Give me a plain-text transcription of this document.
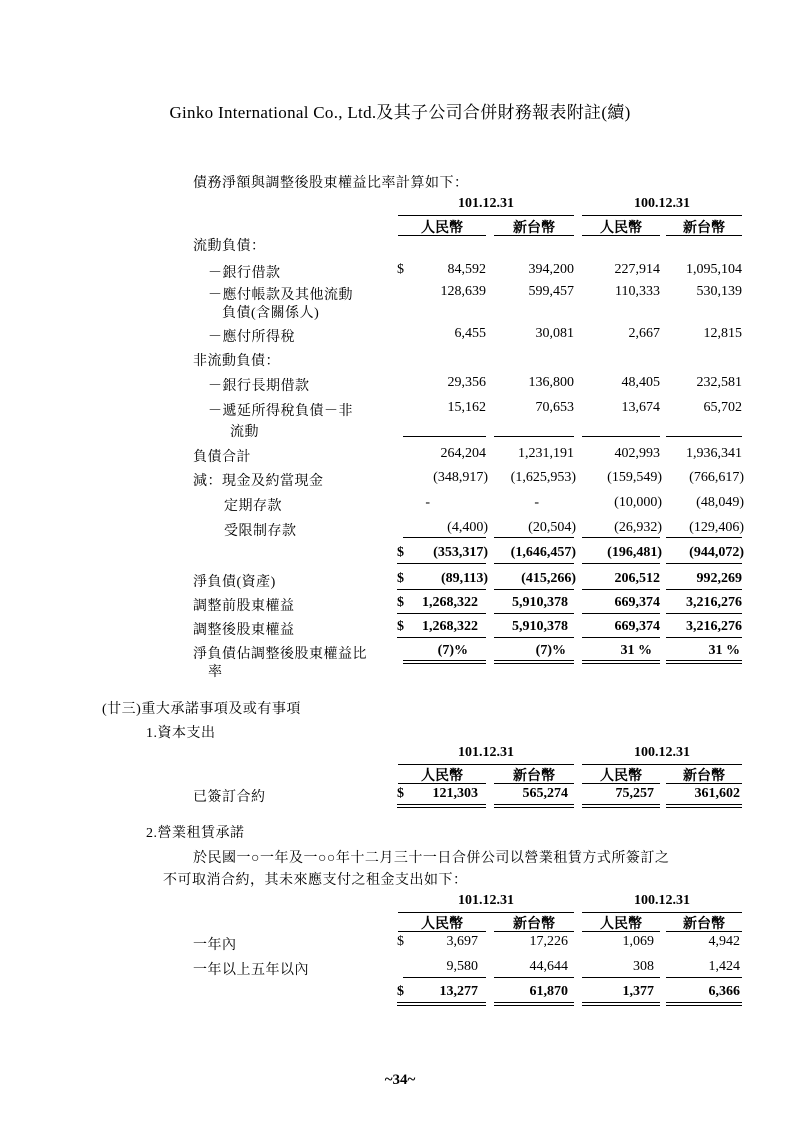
Ginko International Co., Ltd.及其子公司合併財務報表附註(續)
債務淨額與調整後股東權益比率計算如下：
101.12.31	100.12.31
人民幣	新台幣	人民幣	新台幣
流動負債：
－銀行借款	$	84,592	394,200	227,914	1,095,104
－應付帳款及其他流動
負債(含關係人)
128,639	599,457	110,333	530,139
－應付所得稅	6,455	30,081	2,667	12,815
非流動負債：
－銀行長期借款	29,356	136,800	48,405	232,581
－遞延所得稅負債－非
流動
15,162	70,653	13,674	65,702
負債合計	264,204	1,231,191	402,993	1,936,341
減：現金及約當現金	(348,917)	(1,625,953)	(159,549)	(766,617)
定期存款	-	-	(10,000)	(48,049)
受限制存款	(4,400)	(20,504)	(26,932)	(129,406)
$	(353,317)	(1,646,457)	(196,481)	(944,072)
淨負債(資產)	$	(89,113)	(415,266)	206,512	992,269
調整前股東權益	$	1,268,322	5,910,378	669,374	3,216,276
調整後股東權益	$	1,268,322	5,910,378	669,374	3,216,276
淨負債佔調整後股東權益比
率
(7)%	(7)%	31 %	31 %
(廿三)重大承諾事項及或有事項
1.資本支出
101.12.31	100.12.31
人民幣	新台幣	人民幣	新台幣
已簽訂合約	$	121,303	565,274	75,257	361,602
2.營業租賃承諾
於民國一○一年及一○○年十二月三十一日合併公司以營業租賃方式所簽訂之
不可取消合約，其未來應支付之租金支出如下：
101.12.31	100.12.31
人民幣	新台幣	人民幣	新台幣
一年內	$	3,697	17,226	1,069	4,942
一年以上五年以內	9,580	44,644	308	1,424
$	13,277	61,870	1,377	6,366
~34~
